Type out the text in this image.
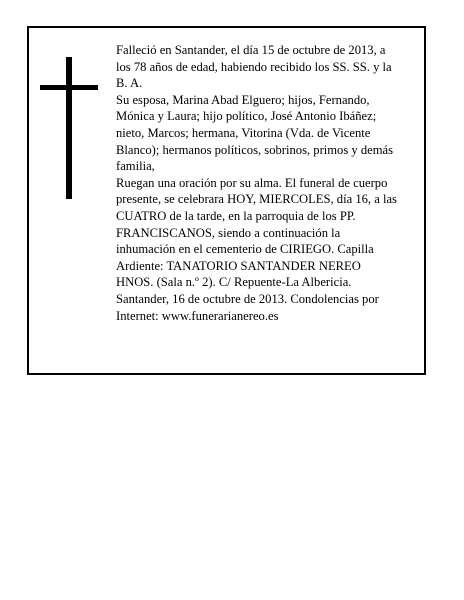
Falleció en Santander, el día 15 de octubre de 2013, a los 78 años de edad, habiendo recibido los SS. SS. y la B. A.

Su esposa, Marina Abad Elguero; hijos, Fernando, Mónica y Laura; hijo político, José Antonio Ibáñez; nieto, Marcos; hermana, Vitorina (Vda. de Vicente Blanco); hermanos políticos, sobrinos, primos y demás familia,

Ruegan una oración por su alma. El funeral de cuerpo presente, se celebrara HOY, MIERCOLES, día 16, a las CUATRO de la tarde, en la parroquia de los PP. FRANCISCANOS, siendo a continuación la inhumación en el cementerio de CIRIEGO. Capilla Ardiente: TANATORIO SANTANDER NEREO HNOS. (Sala n.º 2). C/ Repuente-La Albericia.

Santander, 16 de octubre de 2013. Condolencias por Internet: www.funerarianereo.es
